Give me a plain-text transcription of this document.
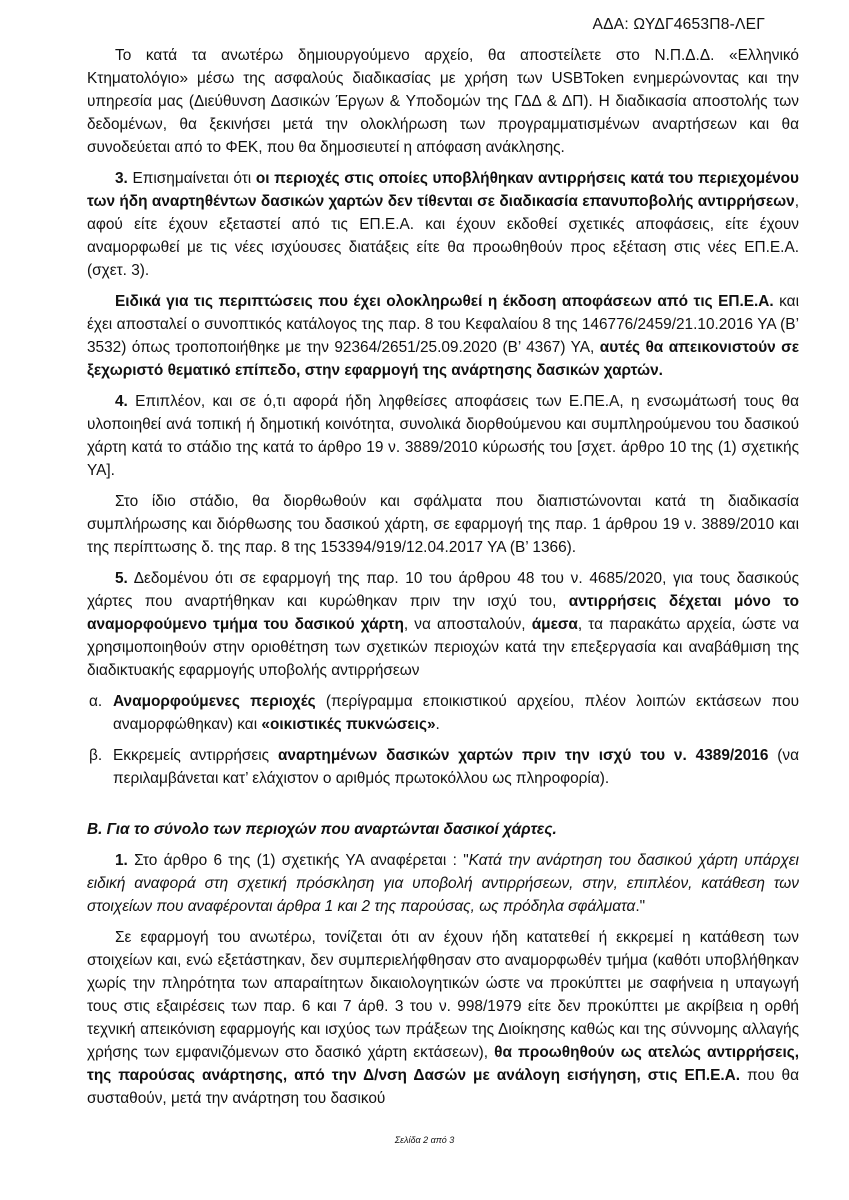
ΑΔΑ: ΩΥΔΓ4653Π8-ΛΕΓ

Το κατά τα ανωτέρω δημιουργούμενο αρχείο, θα αποστείλετε στο Ν.Π.Δ.Δ. «Ελληνικό Κτηματολόγιο» μέσω της ασφαλούς διαδικασίας με χρήση των USBToken ενημερώνοντας και την υπηρεσία μας (Διεύθυνση Δασικών Έργων & Υποδομών της ΓΔΔ & ΔΠ). Η διαδικασία αποστολής των δεδομένων, θα ξεκινήσει μετά την ολοκλήρωση των προγραμματισμένων αναρτήσεων και θα συνοδεύεται από το ΦΕΚ, που θα δημοσιευτεί η απόφαση ανάκλησης.

3. Επισημαίνεται ότι οι περιοχές στις οποίες υποβλήθηκαν αντιρρήσεις κατά του περιεχομένου των ήδη αναρτηθέντων δασικών χαρτών δεν τίθενται σε διαδικασία επανυποβολής αντιρρήσεων, αφού είτε έχουν εξεταστεί από τις ΕΠ.Ε.Α. και έχουν εκδοθεί σχετικές αποφάσεις, είτε έχουν αναμορφωθεί με τις νέες ισχύουσες διατάξεις είτε θα προωθηθούν προς εξέταση στις νέες ΕΠ.Ε.Α. (σχετ. 3).

Ειδικά για τις περιπτώσεις που έχει ολοκληρωθεί η έκδοση αποφάσεων από τις ΕΠ.Ε.Α. και έχει αποσταλεί ο συνοπτικός κατάλογος της παρ. 8 του Κεφαλαίου 8 της 146776/2459/21.10.2016 ΥΑ (Β’ 3532) όπως τροποποιήθηκε με την 92364/2651/25.09.2020 (Β’ 4367) ΥΑ, αυτές θα απεικονιστούν σε ξεχωριστό θεματικό επίπεδο, στην εφαρμογή της ανάρτησης δασικών χαρτών.

4. Επιπλέον, και σε ό,τι αφορά ήδη ληφθείσες αποφάσεις των Ε.ΠΕ.Α, η ενσωμάτωσή τους θα υλοποιηθεί ανά τοπική ή δημοτική κοινότητα, συνολικά διορθούμενου και συμπληρούμενου του δασικού χάρτη κατά το στάδιο της κατά το άρθρο 19 ν. 3889/2010 κύρωσής του [σχετ. άρθρο 10 της (1) σχετικής ΥΑ].

Στο ίδιο στάδιο, θα διορθωθούν και σφάλματα που διαπιστώνονται κατά τη διαδικασία συμπλήρωσης και διόρθωσης του δασικού χάρτη, σε εφαρμογή της παρ. 1 άρθρου 19 ν. 3889/2010 και της περίπτωσης δ. της παρ. 8 της 153394/919/12.04.2017 ΥΑ (Β’ 1366).

5. Δεδομένου ότι σε εφαρμογή της παρ. 10 του άρθρου 48 του ν. 4685/2020, για τους δασικούς χάρτες που αναρτήθηκαν και κυρώθηκαν πριν την ισχύ του, αντιρρήσεις δέχεται μόνο το αναμορφούμενο τμήμα του δασικού χάρτη, να αποσταλούν, άμεσα, τα παρακάτω αρχεία, ώστε να χρησιμοποιηθούν στην οριοθέτηση των σχετικών περιοχών κατά την επεξεργασία και αναβάθμιση της διαδικτυακής εφαρμογής υποβολής αντιρρήσεων

α. Αναμορφούμενες περιοχές (περίγραμμα εποικιστικού αρχείου, πλέον λοιπών εκτάσεων που αναμορφώθηκαν) και «οικιστικές πυκνώσεις».
β. Εκκρεμείς αντιρρήσεις αναρτημένων δασικών χαρτών πριν την ισχύ του ν. 4389/2016 (να περιλαμβάνεται κατ’ ελάχιστον ο αριθμός πρωτοκόλλου ως πληροφορία).

Β. Για το σύνολο των περιοχών που αναρτώνται δασικοί χάρτες.

1. Στο άρθρο 6 της (1) σχετικής ΥΑ αναφέρεται : "Κατά την ανάρτηση του δασικού χάρτη υπάρχει ειδική αναφορά στη σχετική πρόσκληση για υποβολή αντιρρήσεων, στην, επιπλέον, κατάθεση των στοιχείων που αναφέρονται άρθρα 1 και 2 της παρούσας, ως πρόδηλα σφάλματα."

Σε εφαρμογή του ανωτέρω, τονίζεται ότι αν έχουν ήδη κατατεθεί ή εκκρεμεί η κατάθεση των στοιχείων και, ενώ εξετάστηκαν, δεν συμπεριελήφθησαν στο αναμορφωθέν τμήμα (καθότι υποβλήθηκαν χωρίς την πληρότητα των απαραίτητων δικαιολογητικών ώστε να προκύπτει με σαφήνεια η υπαγωγή τους στις εξαιρέσεις των παρ. 6 και 7 άρθ. 3 του ν. 998/1979 είτε δεν προκύπτει με ακρίβεια η ορθή τεχνική απεικόνιση εφαρμογής και ισχύος των πράξεων της Διοίκησης καθώς και της σύννομης αλλαγής χρήσης των εμφανιζόμενων στο δασικό χάρτη εκτάσεων), θα προωθηθούν ως ατελώς αντιρρήσεις, της παρούσας ανάρτησης, από την Δ/νση Δασών με ανάλογη εισήγηση, στις ΕΠ.Ε.Α. που θα συσταθούν, μετά την ανάρτηση του δασικού

Σελίδα 2 από 3
